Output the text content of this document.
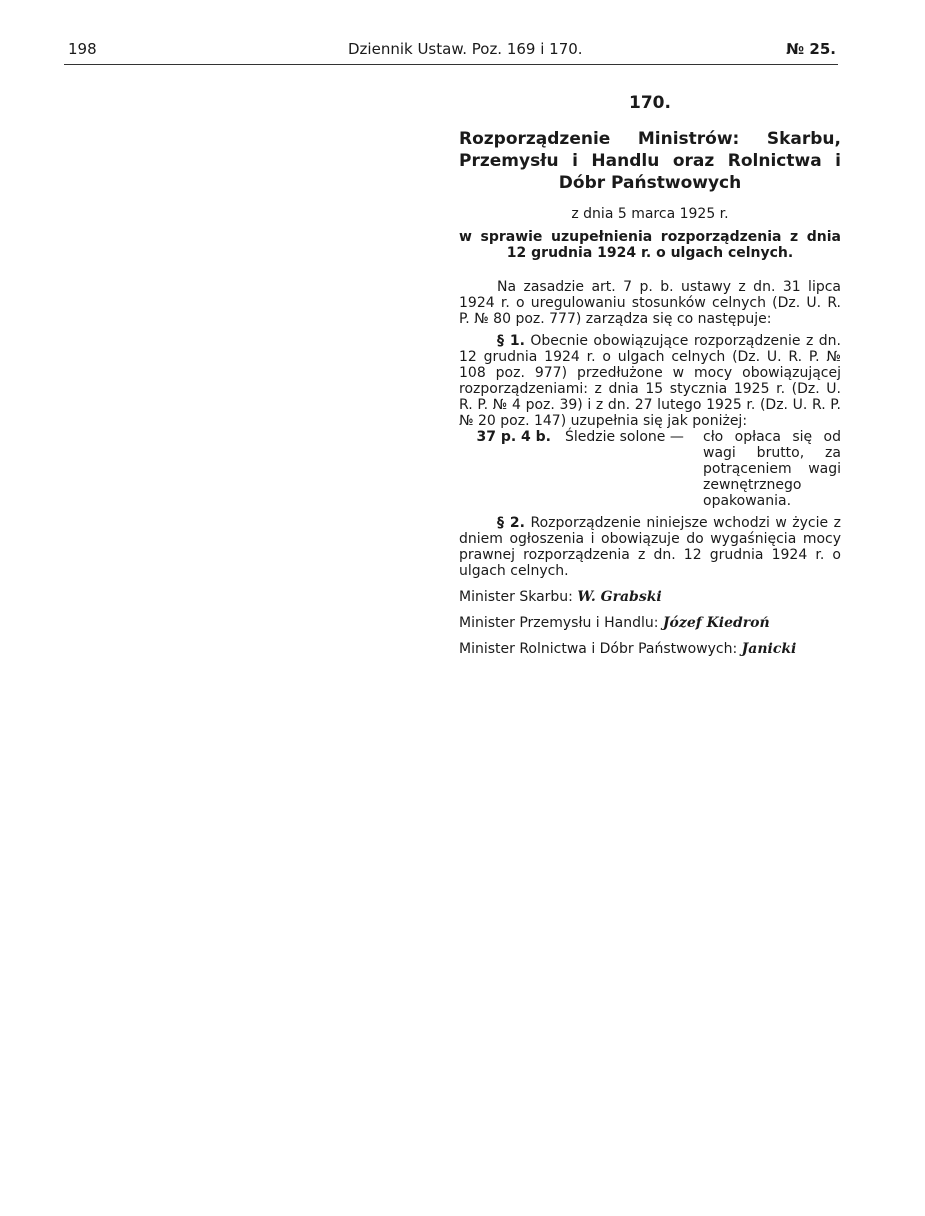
198	Dziennik Ustaw. Poz. 169 i 170.	№ 25.
170.
Rozporządzenie Ministrów: Skarbu, Przemysłu i Handlu oraz Rolnictwa i Dóbr Państwowych
z dnia 5 marca 1925 r.
w sprawie uzupełnienia rozporządzenia z dnia 12 grudnia 1924 r. o ulgach celnych.

Na zasadzie art. 7 p. b. ustawy z dn. 31 lipca 1924 r. o uregulowaniu stosunków celnych (Dz. U. R. P. № 80 poz. 777) zarządza się co następuje:

§ 1. Obecnie obowiązujące rozporządzenie z dn. 12 grudnia 1924 r. o ulgach celnych (Dz. U. R. P. № 108 poz. 977) przedłużone w mocy obowiązującej rozporządzeniami: z dnia 15 stycznia 1925 r. (Dz. U. R. P. № 4 poz. 39) i z dn. 27 lutego 1925 r. (Dz. U. R. P. № 20 poz. 147) uzupełnia się jak poniżej:

37 p. 4 b.	Śledzie solone —	cło opłaca się od wagi brutto, za potrąceniem wagi zewnętrznego opakowania.

§ 2. Rozporządzenie niniejsze wchodzi w życie z dniem ogłoszenia i obowiązuje do wygaśnięcia mocy prawnej rozporządzenia z dn. 12 grudnia 1924 r. o ulgach celnych.

Minister Skarbu: W. Grabski
Minister Przemysłu i Handlu: Józef Kiedroń
Minister Rolnictwa i Dóbr Państwowych: Janicki
